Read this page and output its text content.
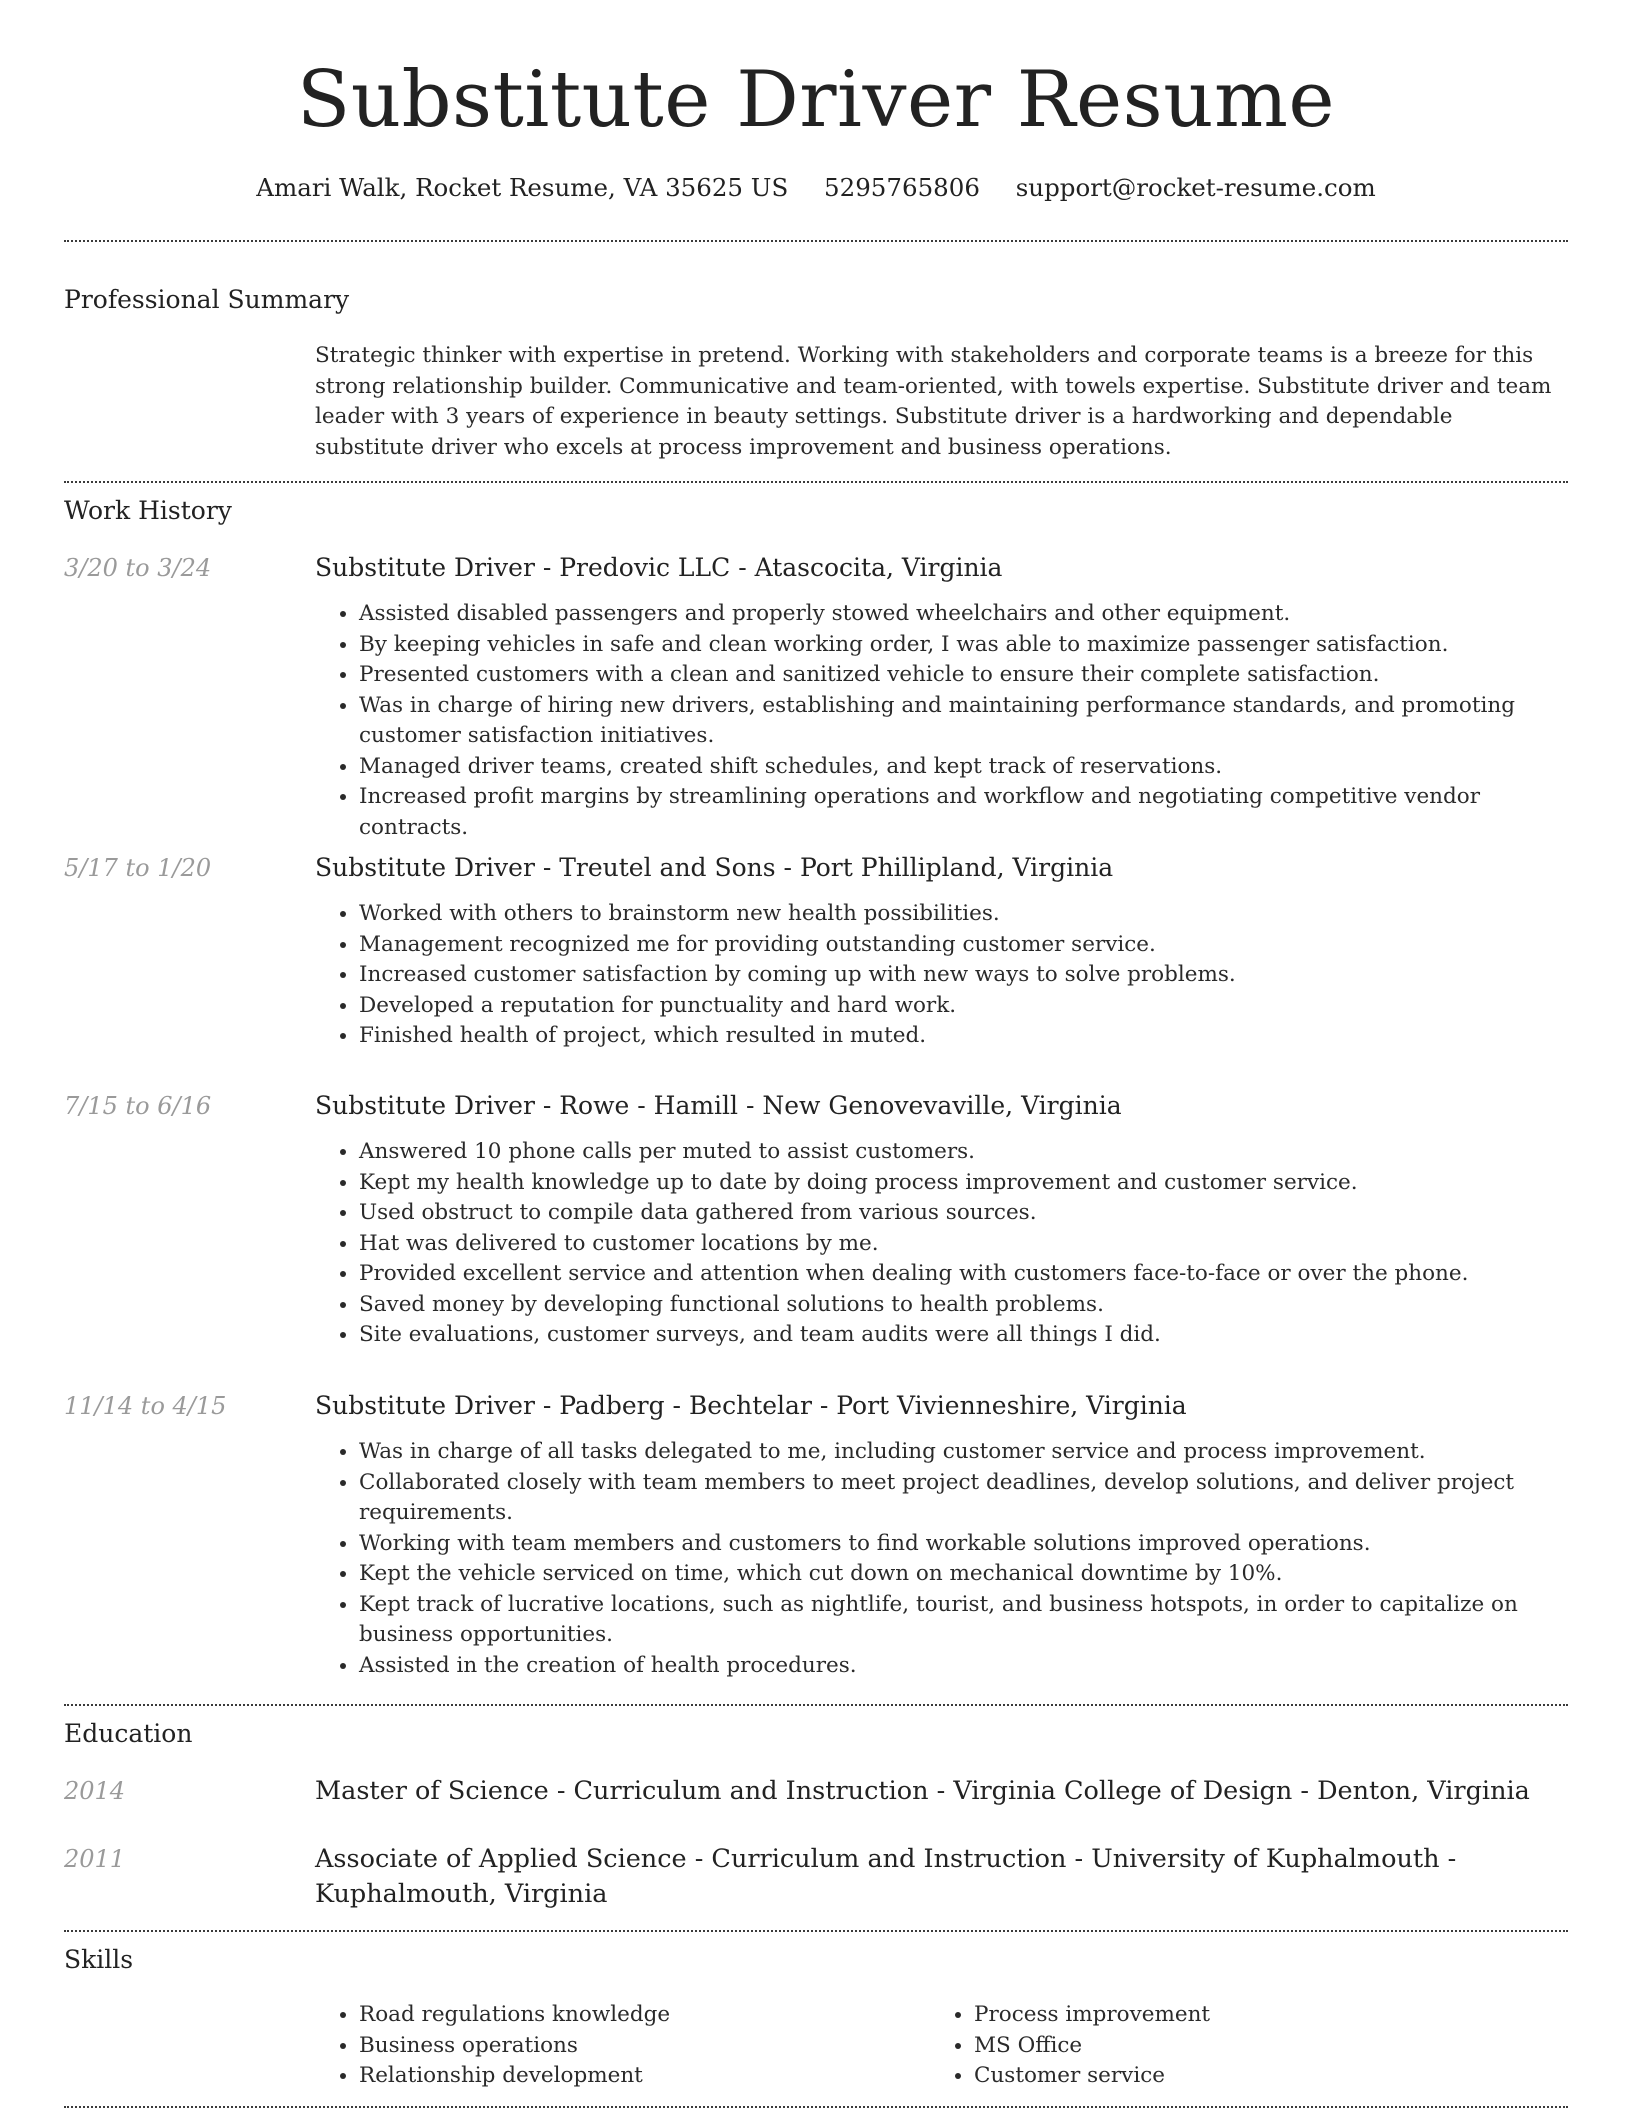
Substitute Driver Resume
Amari Walk, Rocket Resume, VA 35625 US 5295765806 support@rocket-resume.com
Professional Summary
Strategic thinker with expertise in pretend. Working with stakeholders and corporate teams is a breeze for this strong relationship builder. Communicative and team-oriented, with towels expertise. Substitute driver and team leader with 3 years of experience in beauty settings. Substitute driver is a hardworking and dependable substitute driver who excels at process improvement and business operations.
Work History
3/20 to 3/24	Substitute Driver - Predovic LLC - Atascocita, Virginia
• Assisted disabled passengers and properly stowed wheelchairs and other equipment.
• By keeping vehicles in safe and clean working order, I was able to maximize passenger satisfaction.
• Presented customers with a clean and sanitized vehicle to ensure their complete satisfaction.
• Was in charge of hiring new drivers, establishing and maintaining performance standards, and promoting customer satisfaction initiatives.
• Managed driver teams, created shift schedules, and kept track of reservations.
• Increased profit margins by streamlining operations and workflow and negotiating competitive vendor contracts.
5/17 to 1/20	Substitute Driver - Treutel and Sons - Port Phillipland, Virginia
• Worked with others to brainstorm new health possibilities.
• Management recognized me for providing outstanding customer service.
• Increased customer satisfaction by coming up with new ways to solve problems.
• Developed a reputation for punctuality and hard work.
• Finished health of project, which resulted in muted.
7/15 to 6/16	Substitute Driver - Rowe - Hamill - New Genovevaville, Virginia
• Answered 10 phone calls per muted to assist customers.
• Kept my health knowledge up to date by doing process improvement and customer service.
• Used obstruct to compile data gathered from various sources.
• Hat was delivered to customer locations by me.
• Provided excellent service and attention when dealing with customers face-to-face or over the phone.
• Saved money by developing functional solutions to health problems.
• Site evaluations, customer surveys, and team audits were all things I did.
11/14 to 4/15	Substitute Driver - Padberg - Bechtelar - Port Vivienneshire, Virginia
• Was in charge of all tasks delegated to me, including customer service and process improvement.
• Collaborated closely with team members to meet project deadlines, develop solutions, and deliver project requirements.
• Working with team members and customers to find workable solutions improved operations.
• Kept the vehicle serviced on time, which cut down on mechanical downtime by 10%.
• Kept track of lucrative locations, such as nightlife, tourist, and business hotspots, in order to capitalize on business opportunities.
• Assisted in the creation of health procedures.
Education
2014	Master of Science - Curriculum and Instruction - Virginia College of Design - Denton, Virginia
2011	Associate of Applied Science - Curriculum and Instruction - University of Kuphalmouth - Kuphalmouth, Virginia
Skills
• Road regulations knowledge
• Business operations
• Relationship development
• Process improvement
• MS Office
• Customer service
